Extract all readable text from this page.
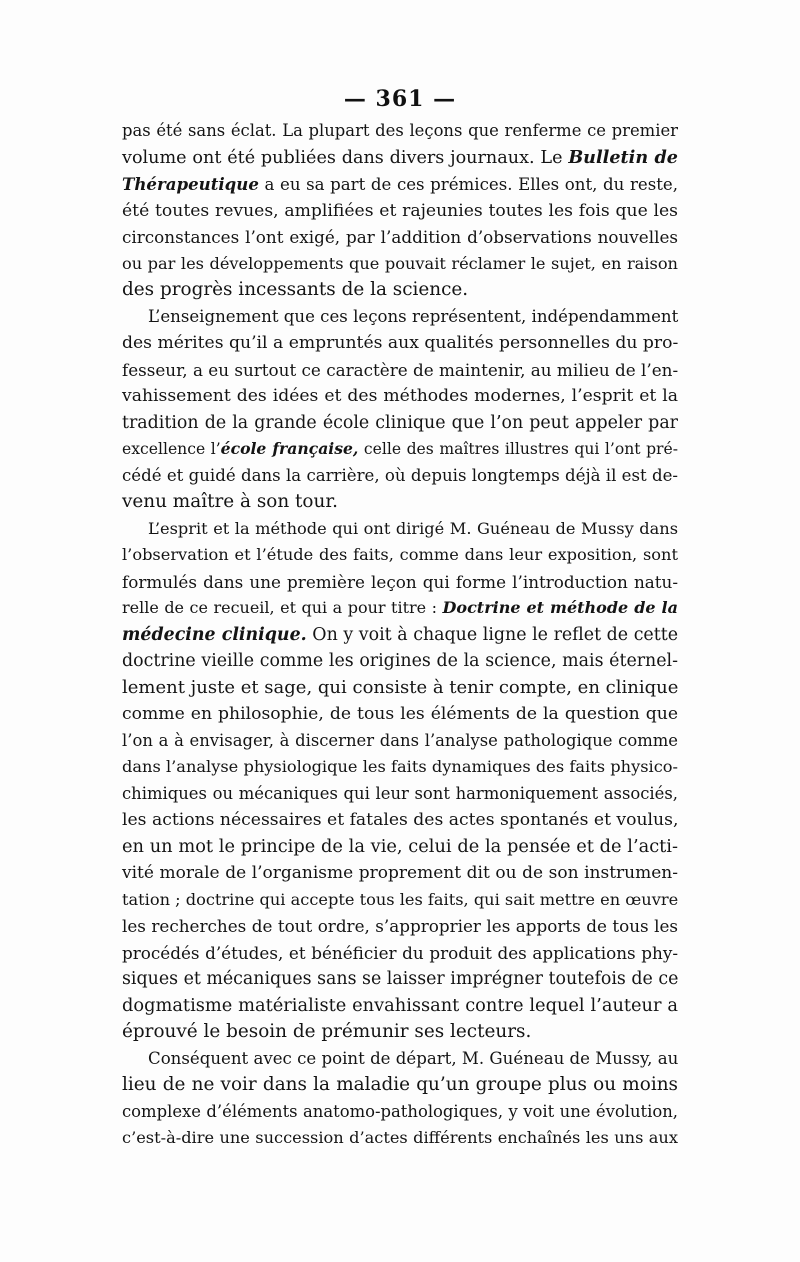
— 361 —
pas été sans éclat. La plupart des leçons que renferme ce premier
volume ont été publiées dans divers journaux. Le Bulletin de
Thérapeutique a eu sa part de ces prémices. Elles ont, du reste,
été toutes revues, amplifiées et rajeunies toutes les fois que les
circonstances l’ont exigé, par l’addition d’observations nouvelles
ou par les développements que pouvait réclamer le sujet, en raison
des progrès incessants de la science.
L’enseignement que ces leçons représentent, indépendamment
des mérites qu’il a empruntés aux qualités personnelles du pro-
fesseur, a eu surtout ce caractère de maintenir, au milieu de l’en-
vahissement des idées et des méthodes modernes, l’esprit et la
tradition de la grande école clinique que l’on peut appeler par
excellence l’école française, celle des maîtres illustres qui l’ont pré-
cédé et guidé dans la carrière, où depuis longtemps déjà il est de-
venu maître à son tour.
L’esprit et la méthode qui ont dirigé M. Guéneau de Mussy dans
l’observation et l’étude des faits, comme dans leur exposition, sont
formulés dans une première leçon qui forme l’introduction natu-
relle de ce recueil, et qui a pour titre : Doctrine et méthode de la
médecine clinique. On y voit à chaque ligne le reflet de cette
doctrine vieille comme les origines de la science, mais éternel-
lement juste et sage, qui consiste à tenir compte, en clinique
comme en philosophie, de tous les éléments de la question que
l’on a à envisager, à discerner dans l’analyse pathologique comme
dans l’analyse physiologique les faits dynamiques des faits physico-
chimiques ou mécaniques qui leur sont harmoniquement associés,
les actions nécessaires et fatales des actes spontanés et voulus,
en un mot le principe de la vie, celui de la pensée et de l’acti-
vité morale de l’organisme proprement dit ou de son instrumen-
tation ; doctrine qui accepte tous les faits, qui sait mettre en œuvre
les recherches de tout ordre, s’approprier les apports de tous les
procédés d’études, et bénéficier du produit des applications phy-
siques et mécaniques sans se laisser imprégner toutefois de ce
dogmatisme matérialiste envahissant contre lequel l’auteur a
éprouvé le besoin de prémunir ses lecteurs.
Conséquent avec ce point de départ, M. Guéneau de Mussy, au
lieu de ne voir dans la maladie qu’un groupe plus ou moins
complexe d’éléments anatomo-pathologiques, y voit une évolution,
c’est-à-dire une succession d’actes différents enchaînés les uns aux
